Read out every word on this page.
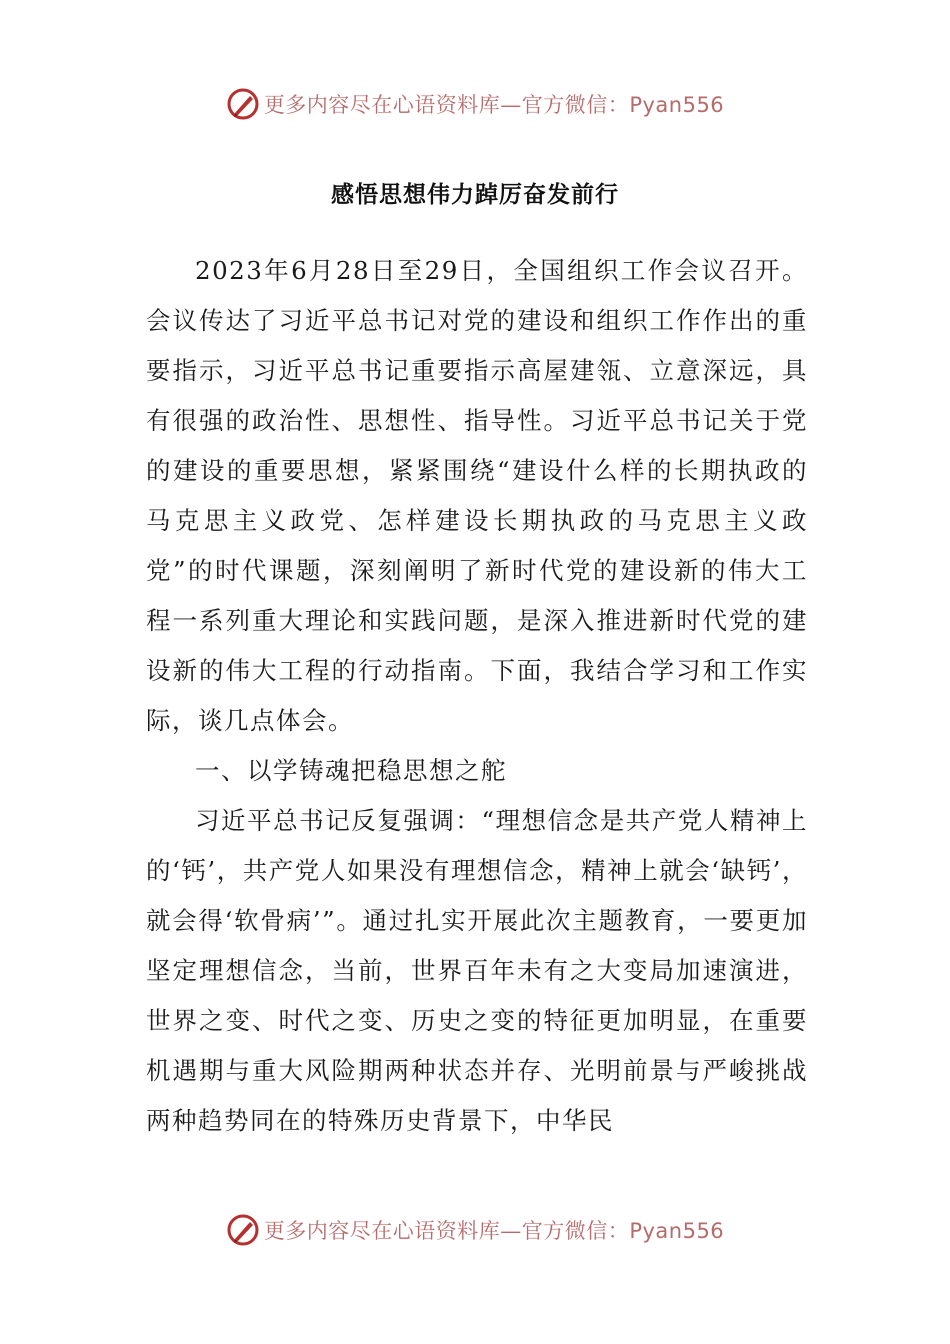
更多内容尽在心语资料库—官方微信：Pyan556
感悟思想伟力踔厉奋发前行

2023年6月28日至29日，全国组织工作会议召开。会议传达了习近平总书记对党的建设和组织工作作出的重要指示，习近平总书记重要指示高屋建瓴、立意深远，具有很强的政治性、思想性、指导性。习近平总书记关于党的建设的重要思想，紧紧围绕“建设什么样的长期执政的马克思主义政党、怎样建设长期执政的马克思主义政党”的时代课题，深刻阐明了新时代党的建设新的伟大工程一系列重大理论和实践问题，是深入推进新时代党的建设新的伟大工程的行动指南。下面，我结合学习和工作实际，谈几点体会。

一、以学铸魂把稳思想之舵

习近平总书记反复强调：“理想信念是共产党人精神上的‘钙’，共产党人如果没有理想信念，精神上就会‘缺钙’，就会得‘软骨病’”。通过扎实开展此次主题教育，一要更加坚定理想信念，当前，世界百年未有之大变局加速演进，世界之变、时代之变、历史之变的特征更加明显，在重要机遇期与重大风险期两种状态并存、光明前景与严峻挑战两种趋势同在的特殊历史背景下，中华民

更多内容尽在心语资料库—官方微信：Pyan556
